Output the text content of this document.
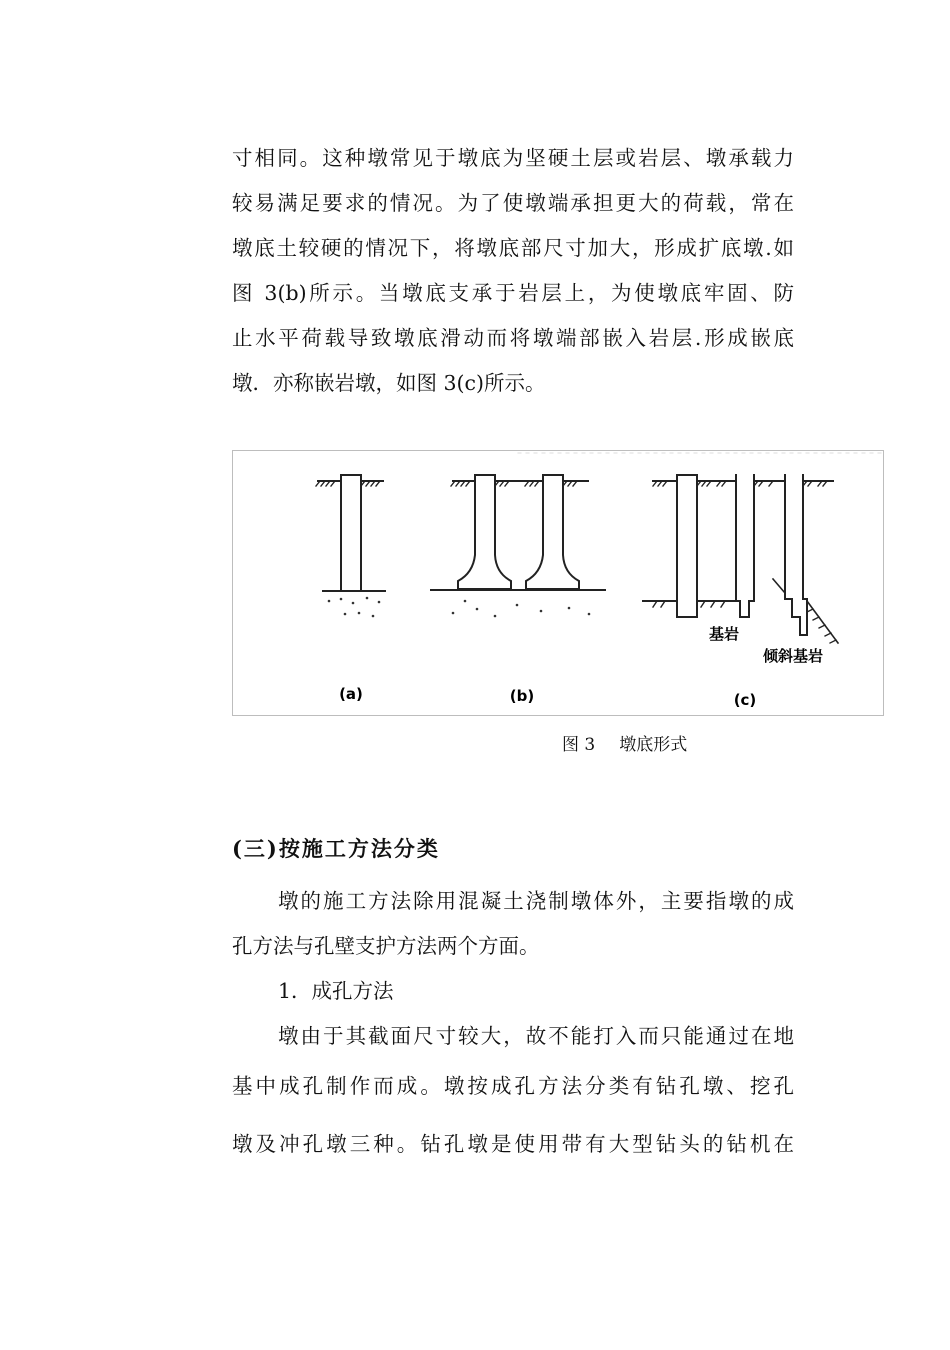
寸相同。这种墩常见于墩底为坚硬土层或岩层、墩承载力
较易满足要求的情况。为了使墩端承担更大的荷载，常在
墩底土较硬的情况下，将墩底部尺寸加大，形成扩底墩.如
图 3(b)所示。当墩底支承于岩层上，为使墩底牢固、防
止水平荷载导致墩底滑动而将墩端部嵌入岩层.形成嵌底
墩．亦称嵌岩墩，如图 3(c)所示。
(a)	(b)	(c)
基岩
倾斜基岩
图 3 墩底形式
(三)按施工方法分类
墩的施工方法除用混凝土浇制墩体外，主要指墩的成
孔方法与孔壁支护方法两个方面。
1．成孔方法
墩由于其截面尺寸较大，故不能打入而只能通过在地
基中成孔制作而成。墩按成孔方法分类有钻孔墩、挖孔
墩及冲孔墩三种。钻孔墩是使用带有大型钻头的钻机在
